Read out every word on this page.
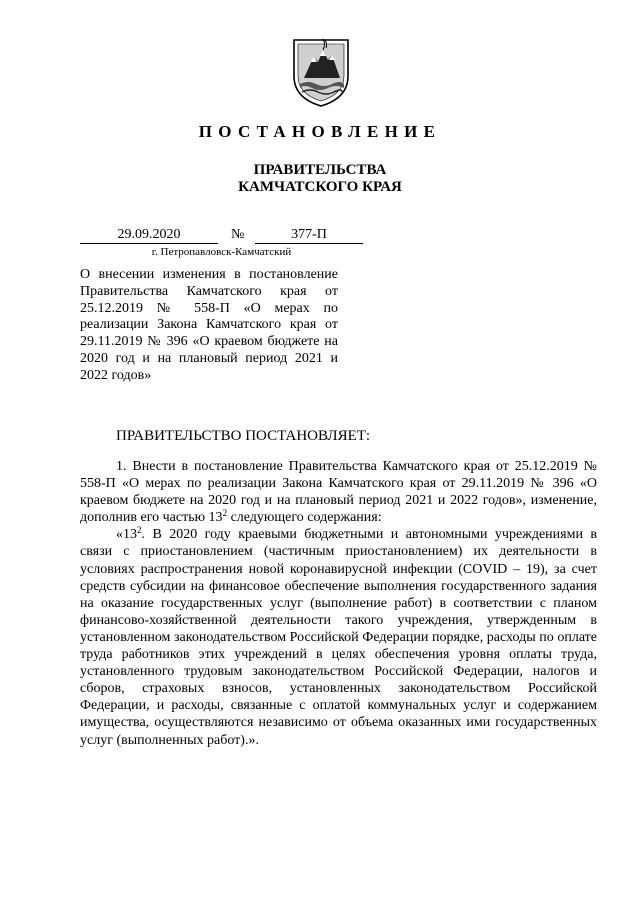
ПОСТАНОВЛЕНИЕ
ПРАВИТЕЛЬСТВА
КАМЧАТСКОГО КРАЯ
29.09.2020	№	377-П
г. Петропавловск-Камчатский
О внесении изменения в постановление Правительства Камчатского края от 25.12.2019 № 558-П «О мерах по реализации Закона Камчатского края от 29.11.2019 № 396 «О краевом бюджете на 2020 год и на плановый период 2021 и 2022 годов»
ПРАВИТЕЛЬСТВО ПОСТАНОВЛЯЕТ:

1. Внести в постановление Правительства Камчатского края от 25.12.2019 № 558-П «О мерах по реализации Закона Камчатского края от 29.11.2019 № 396 «О краевом бюджете на 2020 год и на плановый период 2021 и 2022 годов», изменение, дополнив его частью $13^2$ следующего содержания:

«$13^2$. В 2020 году краевыми бюджетными и автономными учреждениями в связи с приостановлением (частичным приостановлением) их деятельности в условиях распространения новой коронавирусной инфекции (COVID – 19), за счет средств субсидии на финансовое обеспечение выполнения государственного задания на оказание государственных услуг (выполнение работ) в соответствии с планом финансово-хозяйственной деятельности такого учреждения, утвержденным в установленном законодательством Российской Федерации порядке, расходы по оплате труда работников этих учреждений в целях обеспечения уровня оплаты труда, установленного трудовым законодательством Российской Федерации, налогов и сборов, страховых взносов, установленных законодательством Российской Федерации, и расходы, связанные с оплатой коммунальных услуг и содержанием имущества, осуществляются независимо от объема оказанных ими государственных услуг (выполненных работ).».
